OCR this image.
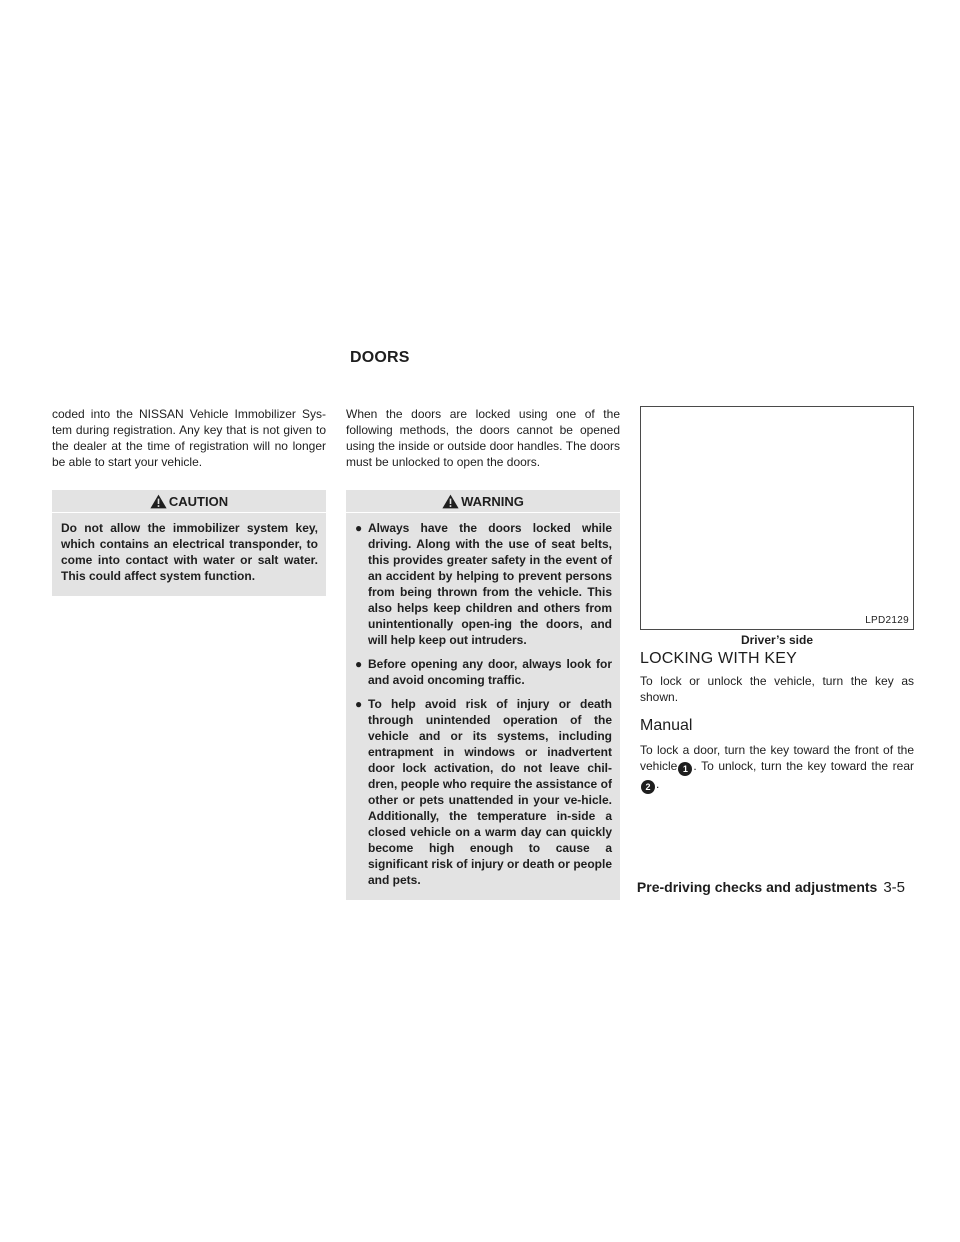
DOORS

coded into the NISSAN Vehicle Immobilizer Sys-tem during registration. Any key that is not given to the dealer at the time of registration will no longer be able to start your vehicle.

CAUTION

Do not allow the immobilizer system key, which contains an electrical transponder, to come into contact with water or salt water. This could affect system function.

When the doors are locked using one of the following methods, the doors cannot be opened using the inside or outside door handles. The doors must be unlocked to open the doors.

WARNING
● Always have the doors locked while driving. Along with the use of seat belts, this provides greater safety in the event of an accident by helping to prevent persons from being thrown from the vehicle. This also helps keep children and others from unintentionally open-ing the doors, and will help keep out intruders.

● Before opening any door, always look for and avoid oncoming traffic.

● To help avoid risk of injury or death through unintended operation of the vehicle and or its systems, including entrapment in windows or inadvertent door lock activation, do not leave chil-dren, people who require the assistance of other or pets unattended in your ve-hicle. Additionally, the temperature in-side a closed vehicle on a warm day can quickly become high enough to cause a significant risk of injury or death or people and pets.

LPD2129

Driver’s side

LOCKING WITH KEY

To lock or unlock the vehicle, turn the key as shown.

Manual

To lock a door, turn the key toward the front of the vehicle 1 . To unlock, turn the key toward the rear 2 .

Pre-driving checks and adjustments 3-5
